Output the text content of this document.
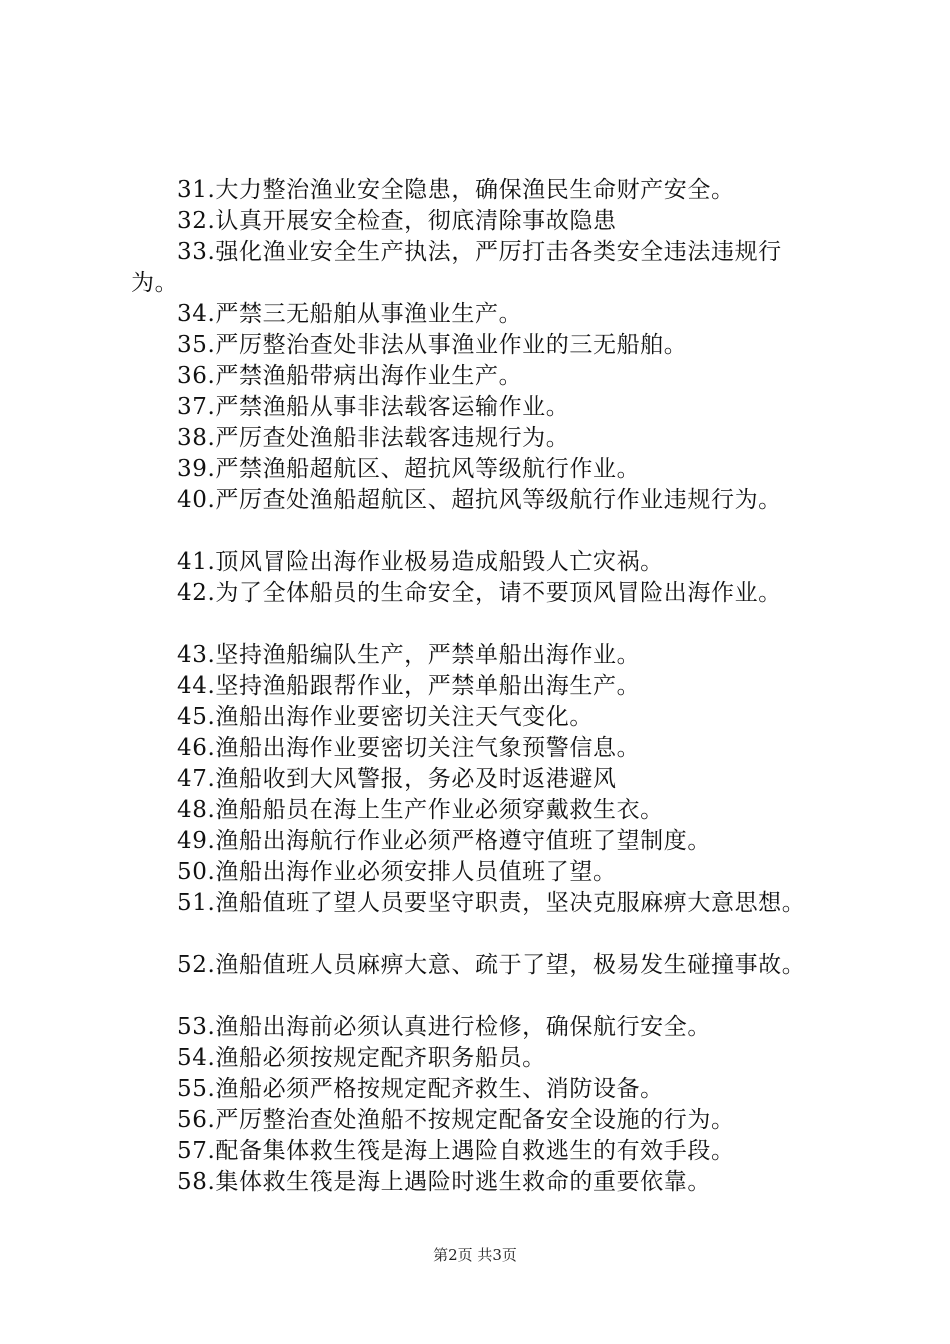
31.大力整治渔业安全隐患，确保渔民生命财产安全。
32.认真开展安全检查，彻底清除事故隐患
33.强化渔业安全生产执法，严厉打击各类安全违法违规行
为。
34.严禁三无船舶从事渔业生产。
35.严厉整治查处非法从事渔业作业的三无船舶。
36.严禁渔船带病出海作业生产。
37.严禁渔船从事非法载客运输作业。
38.严厉查处渔船非法载客违规行为。
39.严禁渔船超航区、超抗风等级航行作业。
40.严厉查处渔船超航区、超抗风等级航行作业违规行为。
41.顶风冒险出海作业极易造成船毁人亡灾祸。
42.为了全体船员的生命安全，请不要顶风冒险出海作业。
43.坚持渔船编队生产，严禁单船出海作业。
44.坚持渔船跟帮作业，严禁单船出海生产。
45.渔船出海作业要密切关注天气变化。
46.渔船出海作业要密切关注气象预警信息。
47.渔船收到大风警报，务必及时返港避风
48.渔船船员在海上生产作业必须穿戴救生衣。
49.渔船出海航行作业必须严格遵守值班了望制度。
50.渔船出海作业必须安排人员值班了望。
51.渔船值班了望人员要坚守职责，坚决克服麻痹大意思想。
52.渔船值班人员麻痹大意、疏于了望，极易发生碰撞事故。
53.渔船出海前必须认真进行检修，确保航行安全。
54.渔船必须按规定配齐职务船员。
55.渔船必须严格按规定配齐救生、消防设备。
56.严厉整治查处渔船不按规定配备安全设施的行为。
57.配备集体救生筏是海上遇险自救逃生的有效手段。
58.集体救生筏是海上遇险时逃生救命的重要依靠。
第2页 共3页
